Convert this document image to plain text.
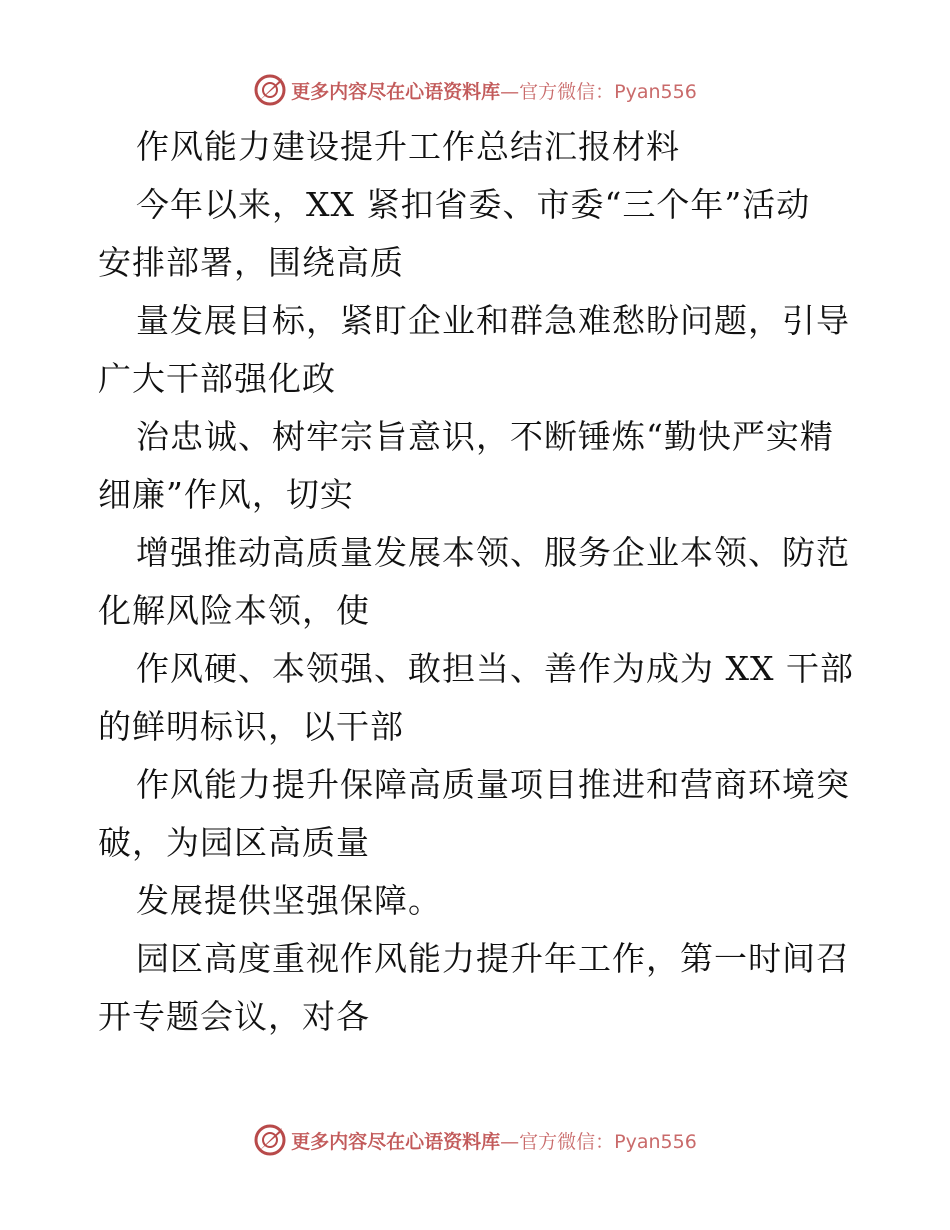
更多内容尽在心语资料库—官方微信：Pyan556
作风能力建设提升工作总结汇报材料
今年以来，XX 紧扣省委、市委“三个年”活动
安排部署，围绕高质
量发展目标，紧盯企业和群急难愁盼问题，引导
广大干部强化政
治忠诚、树牢宗旨意识，不断锤炼“勤快严实精
细廉”作风，切实
增强推动高质量发展本领、服务企业本领、防范
化解风险本领，使
作风硬、本领强、敢担当、善作为成为 XX 干部
的鲜明标识，以干部
作风能力提升保障高质量项目推进和营商环境突
破，为园区高质量
发展提供坚强保障。
园区高度重视作风能力提升年工作，第一时间召
开专题会议，对各
更多内容尽在心语资料库—官方微信：Pyan556
